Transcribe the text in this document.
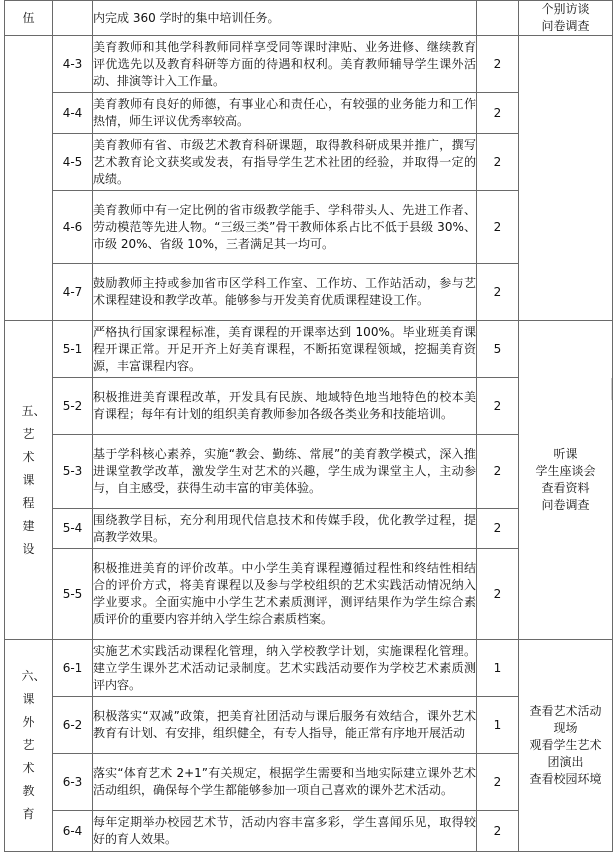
伍		内完成 360 学时的集中培训任务。		个别访谈
问卷调查
	4-3	美育教师和其他学科教师同样享受同等课时津贴、业务进修、继续教育评优选先以及教育科研等方面的待遇和权利。美育教师辅导学生课外活动、排演等计入工作量。	2	
	4-4	美育教师有良好的师德，有事业心和责任心，有较强的业务能力和工作热情，师生评议优秀率较高。	2	
	4-5	美育教师有省、市级艺术教育科研课题，取得教科研成果并推广，撰写艺术教育论文获奖或发表，有指导学生艺术社团的经验，并取得一定的成绩。	2	
	4-6	美育教师中有一定比例的省市级教学能手、学科带头人、先进工作者、劳动模范等先进人物。“三级三类”骨干教师体系占比不低于县级 30%、市级 20%、省级 10%，三者满足其一均可。	2	
	4-7	鼓励教师主持或参加省市区学科工作室、工作坊、工作站活动，参与艺术课程建设和教学改革。能够参与开发美育优质课程建设工作。	2	
五、艺术课程建设	5-1	严格执行国家课程标准，美育课程的开课率达到 100%。毕业班美育课程开课正常。开足开齐上好美育课程，不断拓宽课程领域，挖掘美育资源，丰富课程内容。	5	听课
学生座谈会
查看资料
问卷调查
	5-2	积极推进美育课程改革，开发具有民族、地域特色地当地特色的校本美育课程；每年有计划的组织美育教师参加各级各类业务和技能培训。	2	
	5-3	基于学科核心素养，实施“教会、勤练、常展”的美育教学模式，深入推进课堂教学改革，激发学生对艺术的兴趣，学生成为课堂主人，主动参与，自主感受，获得生动丰富的审美体验。	2	
	5-4	围绕教学目标，充分利用现代信息技术和传媒手段，优化教学过程，提高教学效果。	2	
	5-5	积极推进美育的评价改革。中小学生美育课程遵循过程性和终结性相结合的评价方式，将美育课程以及参与学校组织的艺术实践活动情况纳入学业要求。全面实施中小学生艺术素质测评，测评结果作为学生综合素质评价的重要内容并纳入学生综合素质档案。	2	
六、课外艺术教育	6-1	实施艺术实践活动课程化管理，纳入学校教学计划，实施课程化管理。建立学生课外艺术活动记录制度。艺术实践活动要作为学校艺术素质测评内容。	1	查看艺术活动
现场
观看学生艺术
团演出
查看校园环境
	6-2	积极落实“双减”政策，把美育社团活动与课后服务有效结合，课外艺术教育有计划、有安排，组织健全，有专人指导，能正常有序地开展活动	1	
	6-3	落实“体育艺术 2+1”有关规定，根据学生需要和当地实际建立课外艺术活动组织，确保每个学生都能够参加一项自己喜欢的课外艺术活动。	2	
	6-4	每年定期举办校园艺术节，活动内容丰富多彩，学生喜闻乐见，取得较好的育人效果。	2	
